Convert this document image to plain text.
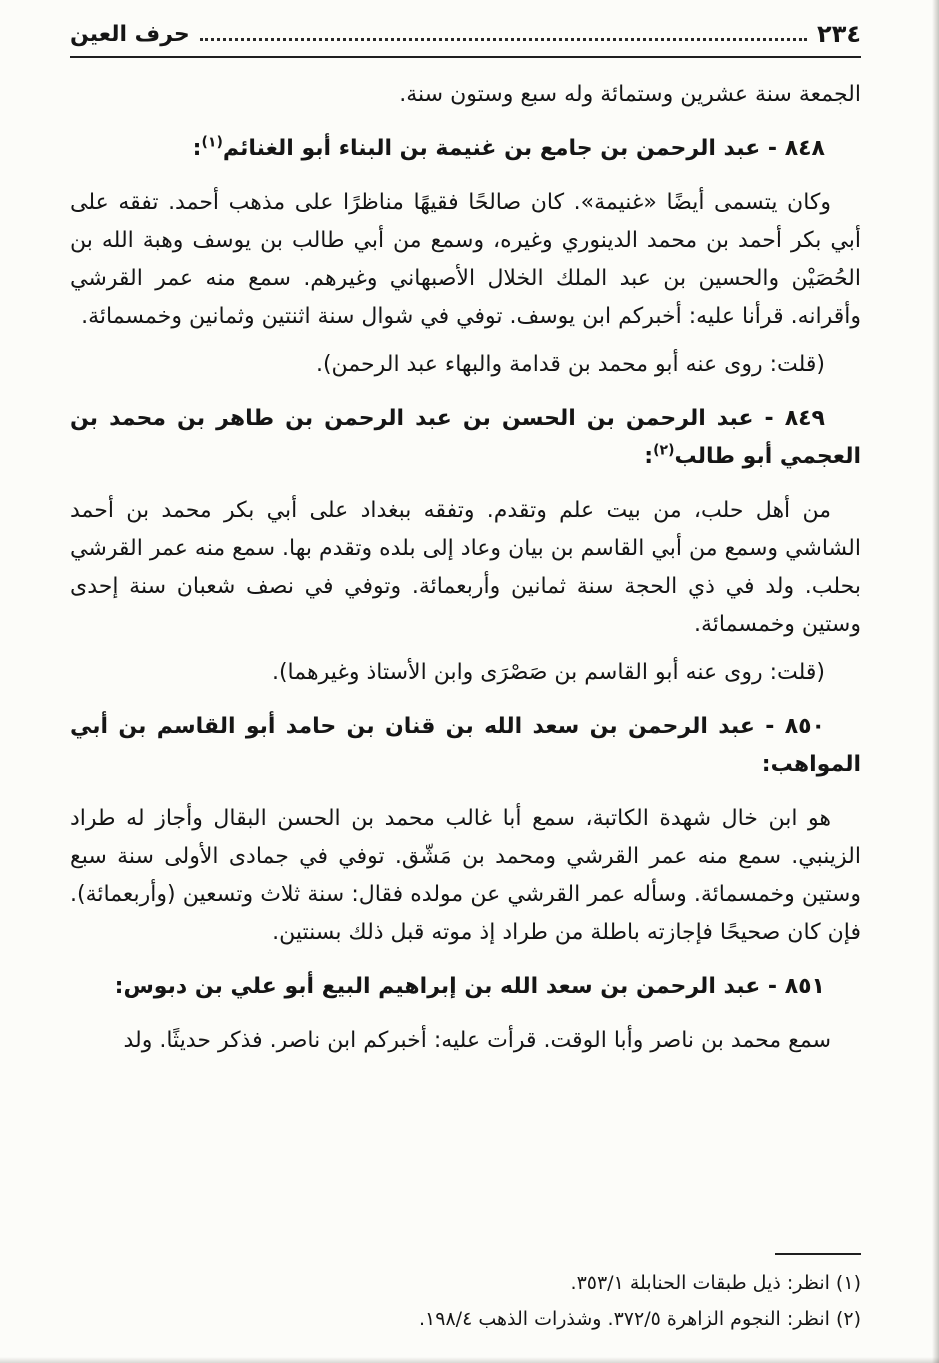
٢٣٤
حرف العين

الجمعة سنة عشرين وستمائة وله سبع وستون سنة.

٨٤٨ - عبد الرحمن بن جامع بن غنيمة بن البناء أبو الغنائم$^{(١)}$:

وكان يتسمى أيضًا «غنيمة». كان صالحًا فقيهًا مناظرًا على مذهب أحمد. تفقه على أبي بكر أحمد بن محمد الدينوري وغيره، وسمع من أبي طالب بن يوسف وهبة الله بن الحُصَيْن والحسين بن عبد الملك الخلال الأصبهاني وغيرهم. سمع منه عمر القرشي وأقرانه. قرأنا عليه: أخبركم ابن يوسف. توفي في شوال سنة اثنتين وثمانين وخمسمائة.

(قلت: روى عنه أبو محمد بن قدامة والبهاء عبد الرحمن).

٨٤٩ - عبد الرحمن بن الحسن بن عبد الرحمن بن طاهر بن محمد بن العجمي أبو طالب$^{(٢)}$:

من أهل حلب، من بيت علم وتقدم. وتفقه ببغداد على أبي بكر محمد بن أحمد الشاشي وسمع من أبي القاسم بن بيان وعاد إلى بلده وتقدم بها. سمع منه عمر القرشي بحلب. ولد في ذي الحجة سنة ثمانين وأربعمائة. وتوفي في نصف شعبان سنة إحدى وستين وخمسمائة.

(قلت: روى عنه أبو القاسم بن صَصْرَى وابن الأستاذ وغيرهما).

٨٥٠ - عبد الرحمن بن سعد الله بن قنان بن حامد أبو القاسم بن أبي المواهب:

هو ابن خال شهدة الكاتبة، سمع أبا غالب محمد بن الحسن البقال وأجاز له طراد الزينبي. سمع منه عمر القرشي ومحمد بن مَشّق. توفي في جمادى الأولى سنة سبع وستين وخمسمائة. وسأله عمر القرشي عن مولده فقال: سنة ثلاث وتسعين (وأربعمائة). فإن كان صحيحًا فإجازته باطلة من طراد إذ موته قبل ذلك بسنتين.

٨٥١ - عبد الرحمن بن سعد الله بن إبراهيم البيع أبو علي بن دبوس:

سمع محمد بن ناصر وأبا الوقت. قرأت عليه: أخبركم ابن ناصر. فذكر حديثًا. ولد

(١) انظر: ذيل طبقات الحنابلة ٣٥٣/١.

(٢) انظر: النجوم الزاهرة ٣٧٢/٥. وشذرات الذهب ١٩٨/٤.
